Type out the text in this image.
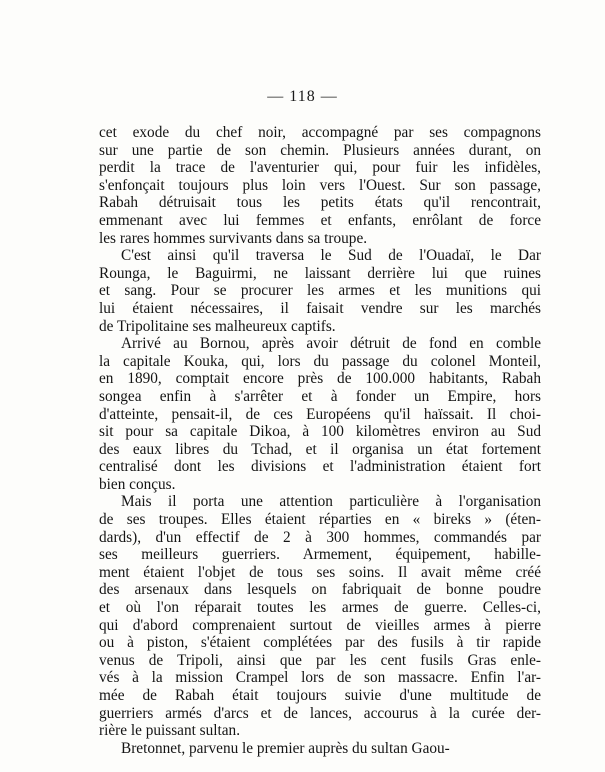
— 118 —
cet exode du chef noir, accompagné par ses compagnons
sur une partie de son chemin. Plusieurs années durant, on
perdit la trace de l'aventurier qui, pour fuir les infidèles,
s'enfonçait toujours plus loin vers l'Ouest. Sur son passage,
Rabah détruisait tous les petits états qu'il rencontrait,
emmenant avec lui femmes et enfants, enrôlant de force
les rares hommes survivants dans sa troupe.
C'est ainsi qu'il traversa le Sud de l'Ouadaï, le Dar
Rounga, le Baguirmi, ne laissant derrière lui que ruines
et sang. Pour se procurer les armes et les munitions qui
lui étaient nécessaires, il faisait vendre sur les marchés
de Tripolitaine ses malheureux captifs.
Arrivé au Bornou, après avoir détruit de fond en comble
la capitale Kouka, qui, lors du passage du colonel Monteil,
en 1890, comptait encore près de 100.000 habitants, Rabah
songea enfin à s'arrêter et à fonder un Empire, hors
d'atteinte, pensait-il, de ces Européens qu'il haïssait. Il choi-
sit pour sa capitale Dikoa, à 100 kilomètres environ au Sud
des eaux libres du Tchad, et il organisa un état fortement
centralisé dont les divisions et l'administration étaient fort
bien conçus.
Mais il porta une attention particulière à l'organisation
de ses troupes. Elles étaient réparties en « bireks » (éten-
dards), d'un effectif de 2 à 300 hommes, commandés par
ses meilleurs guerriers. Armement, équipement, habille-
ment étaient l'objet de tous ses soins. Il avait même créé
des arsenaux dans lesquels on fabriquait de bonne poudre
et où l'on réparait toutes les armes de guerre. Celles-ci,
qui d'abord comprenaient surtout de vieilles armes à pierre
ou à piston, s'étaient complétées par des fusils à tir rapide
venus de Tripoli, ainsi que par les cent fusils Gras enle-
vés à la mission Crampel lors de son massacre. Enfin l'ar-
mée de Rabah était toujours suivie d'une multitude de
guerriers armés d'arcs et de lances, accourus à la curée der-
rière le puissant sultan.
Bretonnet, parvenu le premier auprès du sultan Gaou-
